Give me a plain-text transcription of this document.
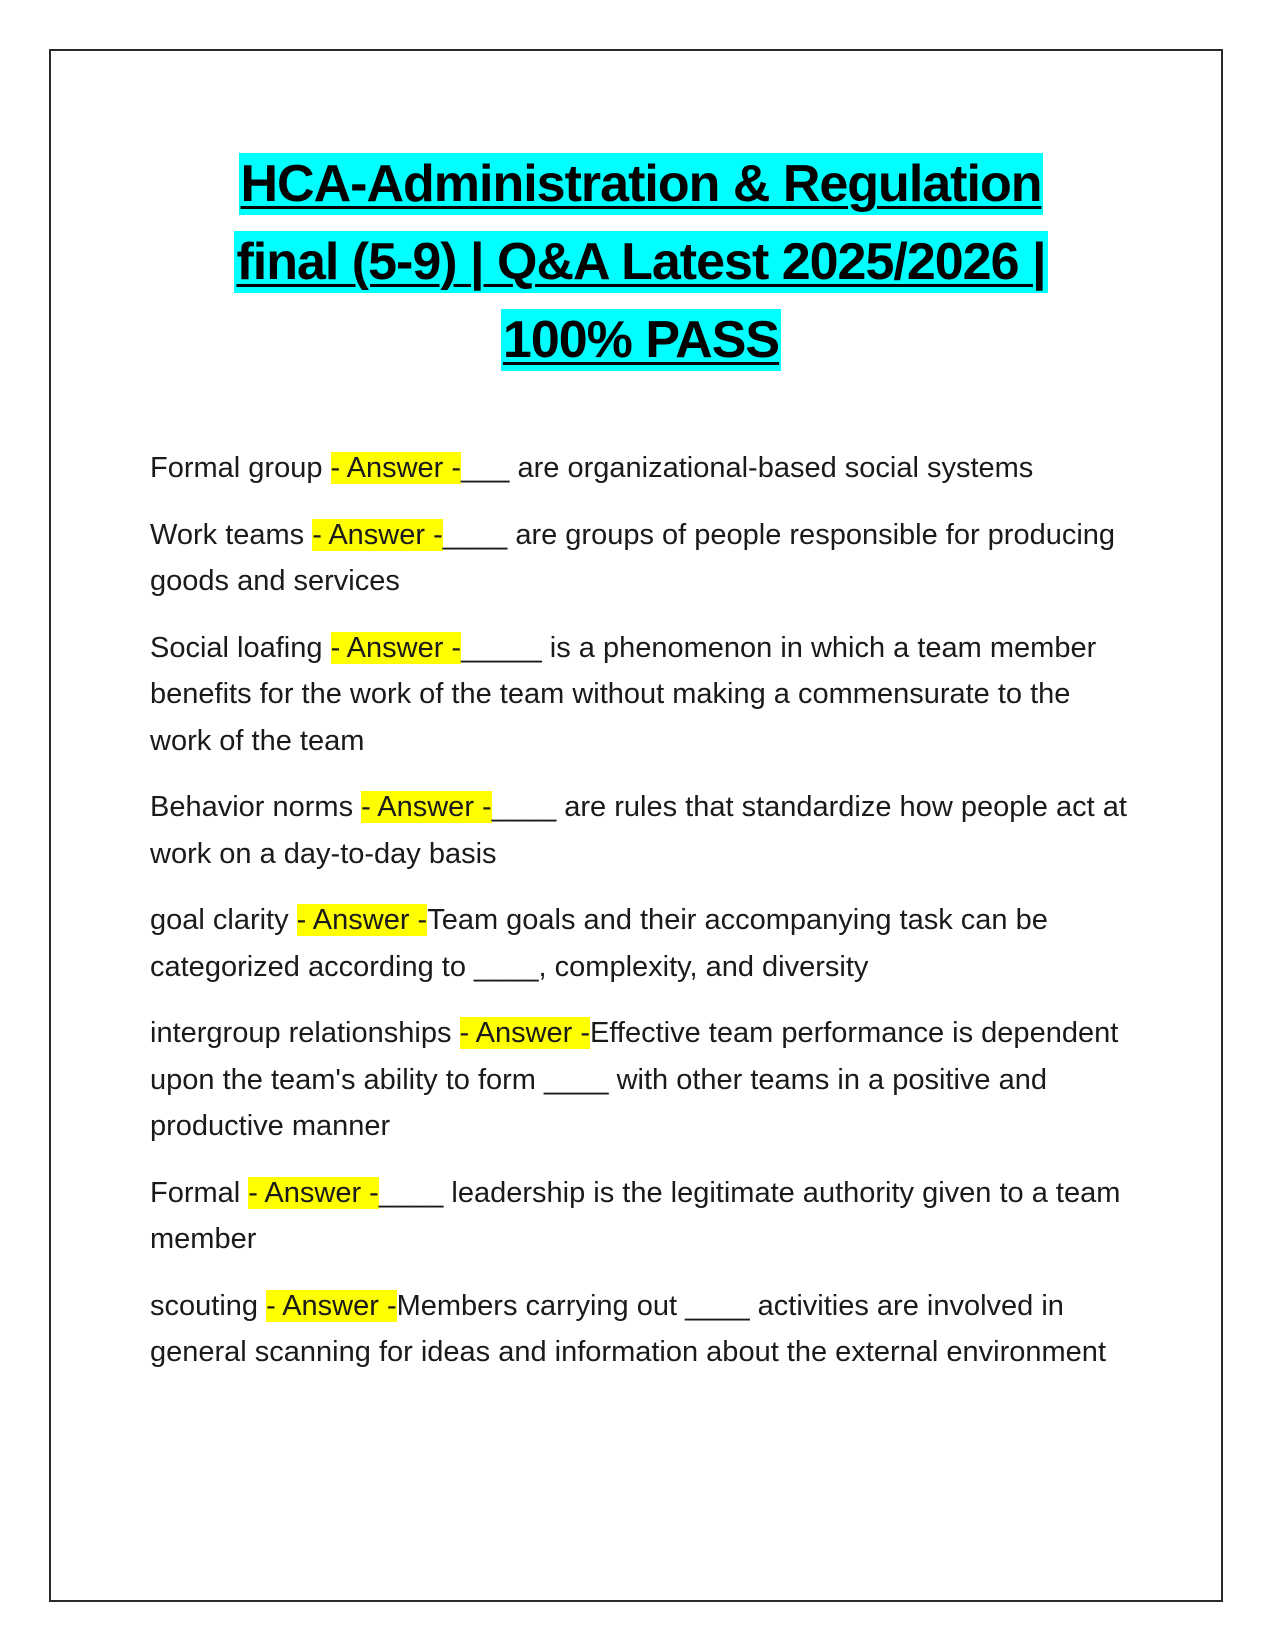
HCA-Administration & Regulation
final (5-9) | Q&A Latest 2025/2026 |
100% PASS

Formal group - Answer -___ are organizational-based social systems

Work teams - Answer -____ are groups of people responsible for producing goods and services

Social loafing - Answer -_____ is a phenomenon in which a team member benefits for the work of the team without making a commensurate to the work of the team

Behavior norms - Answer -____ are rules that standardize how people act at work on a day-to-day basis

goal clarity - Answer -Team goals and their accompanying task can be categorized according to ____, complexity, and diversity

intergroup relationships - Answer -Effective team performance is dependent upon the team's ability to form ____ with other teams in a positive and productive manner

Formal - Answer -____ leadership is the legitimate authority given to a team member

scouting - Answer -Members carrying out ____ activities are involved in general scanning for ideas and information about the external environment
